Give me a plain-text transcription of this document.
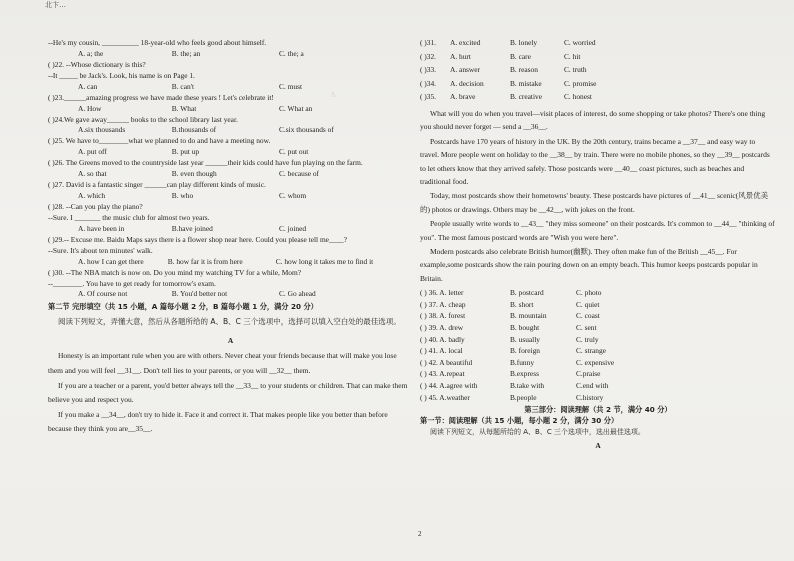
北卞…
A
--He's my cousin, __________ 18-year-old who feels good about himself.
A. a; the	B. the; an	C. the; a
( )22. --Whose dictionary is this?
--It _____ be Jack's. Look, his name is on Page 1.
A. can	B. can't	C. must
( )23.______amazing progress we have made these years ! Let's celebrate it!
A. How	B. What	C. What an
( )24.We gave away______ books to the school library last year.
A.six thousands	B.thousands of	C.six thousands of
( )25. We have to________what we planned to do and have a meeting now.
A. put off	B. put up	C. put out
( )26. The Greens moved to the countryside last year ______their kids could have fun playing on the farm.
A. so that	B. even though	C. because of
( )27. David is a fantastic singer ______can play different kinds of music.
A. which	B. who	C. whom
( )28. --Can you play the piano?
--Sure. I _______ the music club for almost two years.
A. have been in	B.have joined	C. joined
( )29.-- Excuse me. Baidu Maps says there is a flower shop near here. Could you please tell me____?
--Sure. It's about ten minutes' walk.
A. how I can get there	B. how far it is from here	C. how long it takes me to find it
( )30. --The NBA match is now on. Do you mind my watching TV for a while, Mom?
--________. You have to get ready for tomorrow's exam.
A. Of course not	B. You'd better not	C. Go ahead
第二节 完形填空（共 15 小题，A 篇每小题 2 分，B 篇每小题 1 分，满分 20 分）
阅读下列短文，弄懂大意，然后从各题所给的 A、B、C 三个选项中，选择可以填入空白处的最佳选项。
A
Honesty is an important rule when you are with others. Never cheat your friends because that will make you lose them and you will feel __31__. Don't tell lies to your parents, or you will __32__ them.
If you are a teacher or a parent, you'd better always tell the __33__ to your students or children. That can make them believe you and respect you.
If you make a __34__, don't try to hide it. Face it and correct it. That makes people like you better than before because they think you are__35__.
( )31.	A. excited	B. lonely	C. worried
( )32.	A. hurt	B. care	C. hit
( )33.	A. answer	B. reason	C. truth
( )34.	A. decision	B. mistake	C. promise
( )35.	A. brave	B. creative	C. honest
What will you do when you travel—visit places of interest, do some shopping or take photos? There's one thing you should never forget — send a __36__.
Postcards have 170 years of history in the UK. By the 20th century, trains became a __37__ and easy way to travel. More people went on holiday to the __38__ by train. There were no mobile phones, so they __39__ postcards to let others know that they arrived safely. Those postcards were __40__ coast pictures, such as beaches and traditional food.
Today, most postcards show their hometowns' beauty. These postcards have pictures of __41__ scenic(风景优美的) photos or drawings. Others may be __42__, with jokes on the front.
People usually write words to __43__ "they miss someone" on their postcards. It's common to __44__ "thinking of you". The most famous postcard words are "Wish you were here".
Modern postcards also celebrate British humor(幽默). They often make fun of the British __45__. For example,some postcards show the rain pouring down on an empty beach. This humor keeps postcards popular in Britain.
( ) 36. A. letter	B. postcard	C. photo
( ) 37. A. cheap	B. short	C. quiet
( ) 38. A. forest	B. mountain	C. coast
( ) 39. A. drew	B. bought	C. sent
( ) 40. A. badly	B. usually	C. truly
( ) 41. A. local	B. foreign	C. strange
( ) 42. A beautiful	B.funny	C. expensive
( ) 43. A.repeat	B.express	C.praise
( ) 44. A.agree with	B.take with	C.end with
( ) 45. A.weather	B.people	C.history
第三部分：阅读理解（共 2 节，满分 40 分）
第一节：阅读理解（共 15 小题，每小题 2 分，满分 30 分）
阅读下列短文，从每题所给的 A、B、C 三个选项中，选出最佳选项。
A
2
